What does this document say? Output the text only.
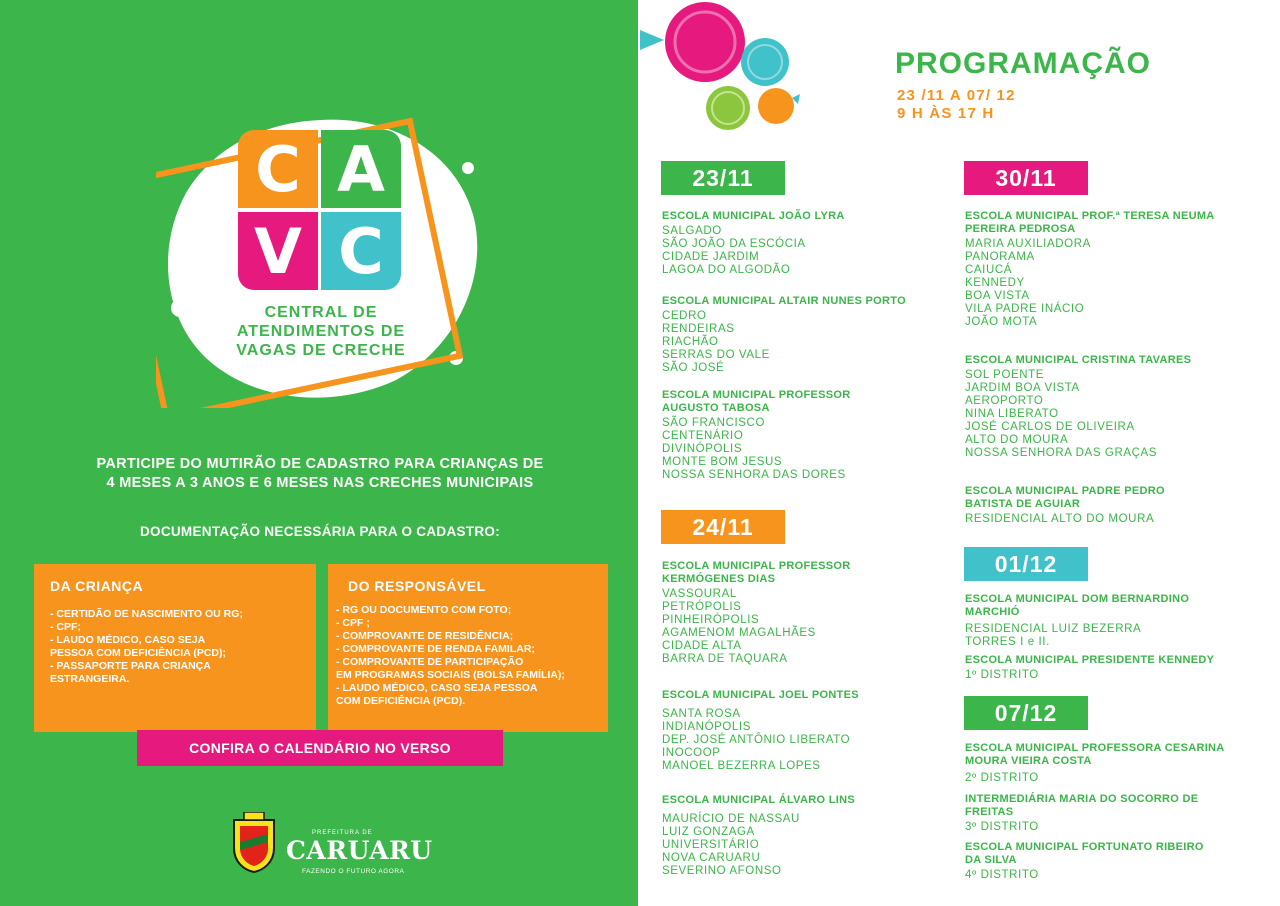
C A
V C
CENTRAL DE
ATENDIMENTOS DE
VAGAS DE CRECHE
PARTICIPE DO MUTIRÃO DE CADASTRO PARA CRIANÇAS DE
4 MESES A 3 ANOS E 6 MESES NAS CRECHES MUNICIPAIS
DOCUMENTAÇÃO NECESSÁRIA PARA O CADASTRO:
DA CRIANÇA
- CERTIDÃO DE NASCIMENTO OU RG;
- CPF;
- LAUDO MÉDICO, CASO SEJA
PESSOA COM DEFICIÊNCIA (PCD);
- PASSAPORTE PARA CRIANÇA
ESTRANGEIRA.
DO RESPONSÁVEL
- RG OU DOCUMENTO COM FOTO;
- CPF ;
- COMPROVANTE DE RESIDÊNCIA;
- COMPROVANTE DE RENDA FAMILAR;
- COMPROVANTE DE PARTICIPAÇÃO
EM PROGRAMAS SOCIAIS (BOLSA FAMÍLIA);
- LAUDO MÉDICO, CASO SEJA PESSOA
COM DEFICIÊNCIA (PCD).
CONFIRA O CALENDÁRIO NO VERSO
PREFEITURA DE
CARUARU
FAZENDO O FUTURO AGORA
PROGRAMAÇÃO
23 /11 A 07/ 12
9 H ÀS 17 H
23/11
ESCOLA MUNICIPAL JOÃO LYRA
SALGADO
SÃO JOÃO DA ESCÓCIA
CIDADE JARDIM
LAGOA DO ALGODÃO
ESCOLA MUNICIPAL ALTAIR NUNES PORTO
CEDRO
RENDEIRAS
RIACHÃO
SERRAS DO VALE
SÃO JOSÉ
ESCOLA MUNICIPAL PROFESSOR AUGUSTO TABOSA
SÃO FRANCISCO
CENTENÁRIO
DIVINÓPOLIS
MONTE BOM JESUS
NOSSA SENHORA DAS DORES
24/11
ESCOLA MUNICIPAL PROFESSOR KERMÓGENES DIAS
VASSOURAL
PETRÓPOLIS
PINHEIRÓPOLIS
AGAMENOM MAGALHÃES
CIDADE ALTA
BARRA DE TAQUARA
ESCOLA MUNICIPAL JOEL PONTES
SANTA ROSA
INDIANÓPOLIS
DEP. JOSÉ ANTÔNIO LIBERATO
INOCOOP
MANOEL BEZERRA LOPES
ESCOLA MUNICIPAL ÁLVARO LINS
MAURÍCIO DE NASSAU
LUIZ GONZAGA
UNIVERSITÁRIO
NOVA CARUARU
SEVERINO AFONSO
30/11
ESCOLA MUNICIPAL PROF.ª TERESA NEUMA PEREIRA PEDROSA
MARIA AUXILIADORA
PANORAMA
CAIUCÁ
KENNEDY
BOA VISTA
VILA PADRE INÁCIO
JOÃO MOTA
ESCOLA MUNICIPAL CRISTINA TAVARES
SOL POENTE
JARDIM BOA VISTA
AEROPORTO
NINA LIBERATO
JOSÉ CARLOS DE OLIVEIRA
ALTO DO MOURA
NOSSA SENHORA DAS GRAÇAS
ESCOLA MUNICIPAL PADRE PEDRO BATISTA DE AGUIAR
RESIDENCIAL ALTO DO MOURA
01/12
ESCOLA MUNICIPAL DOM BERNARDINO MARCHIÓ
RESIDENCIAL LUIZ BEZERRA TORRES I e II.
ESCOLA MUNICIPAL PRESIDENTE KENNEDY
1º DISTRITO
07/12
ESCOLA MUNICIPAL PROFESSORA CESARINA MOURA VIEIRA COSTA
2º DISTRITO
INTERMEDIÁRIA MARIA DO SOCORRO DE FREITAS
3º DISTRITO
ESCOLA MUNICIPAL FORTUNATO RIBEIRO DA SILVA
4º DISTRITO
